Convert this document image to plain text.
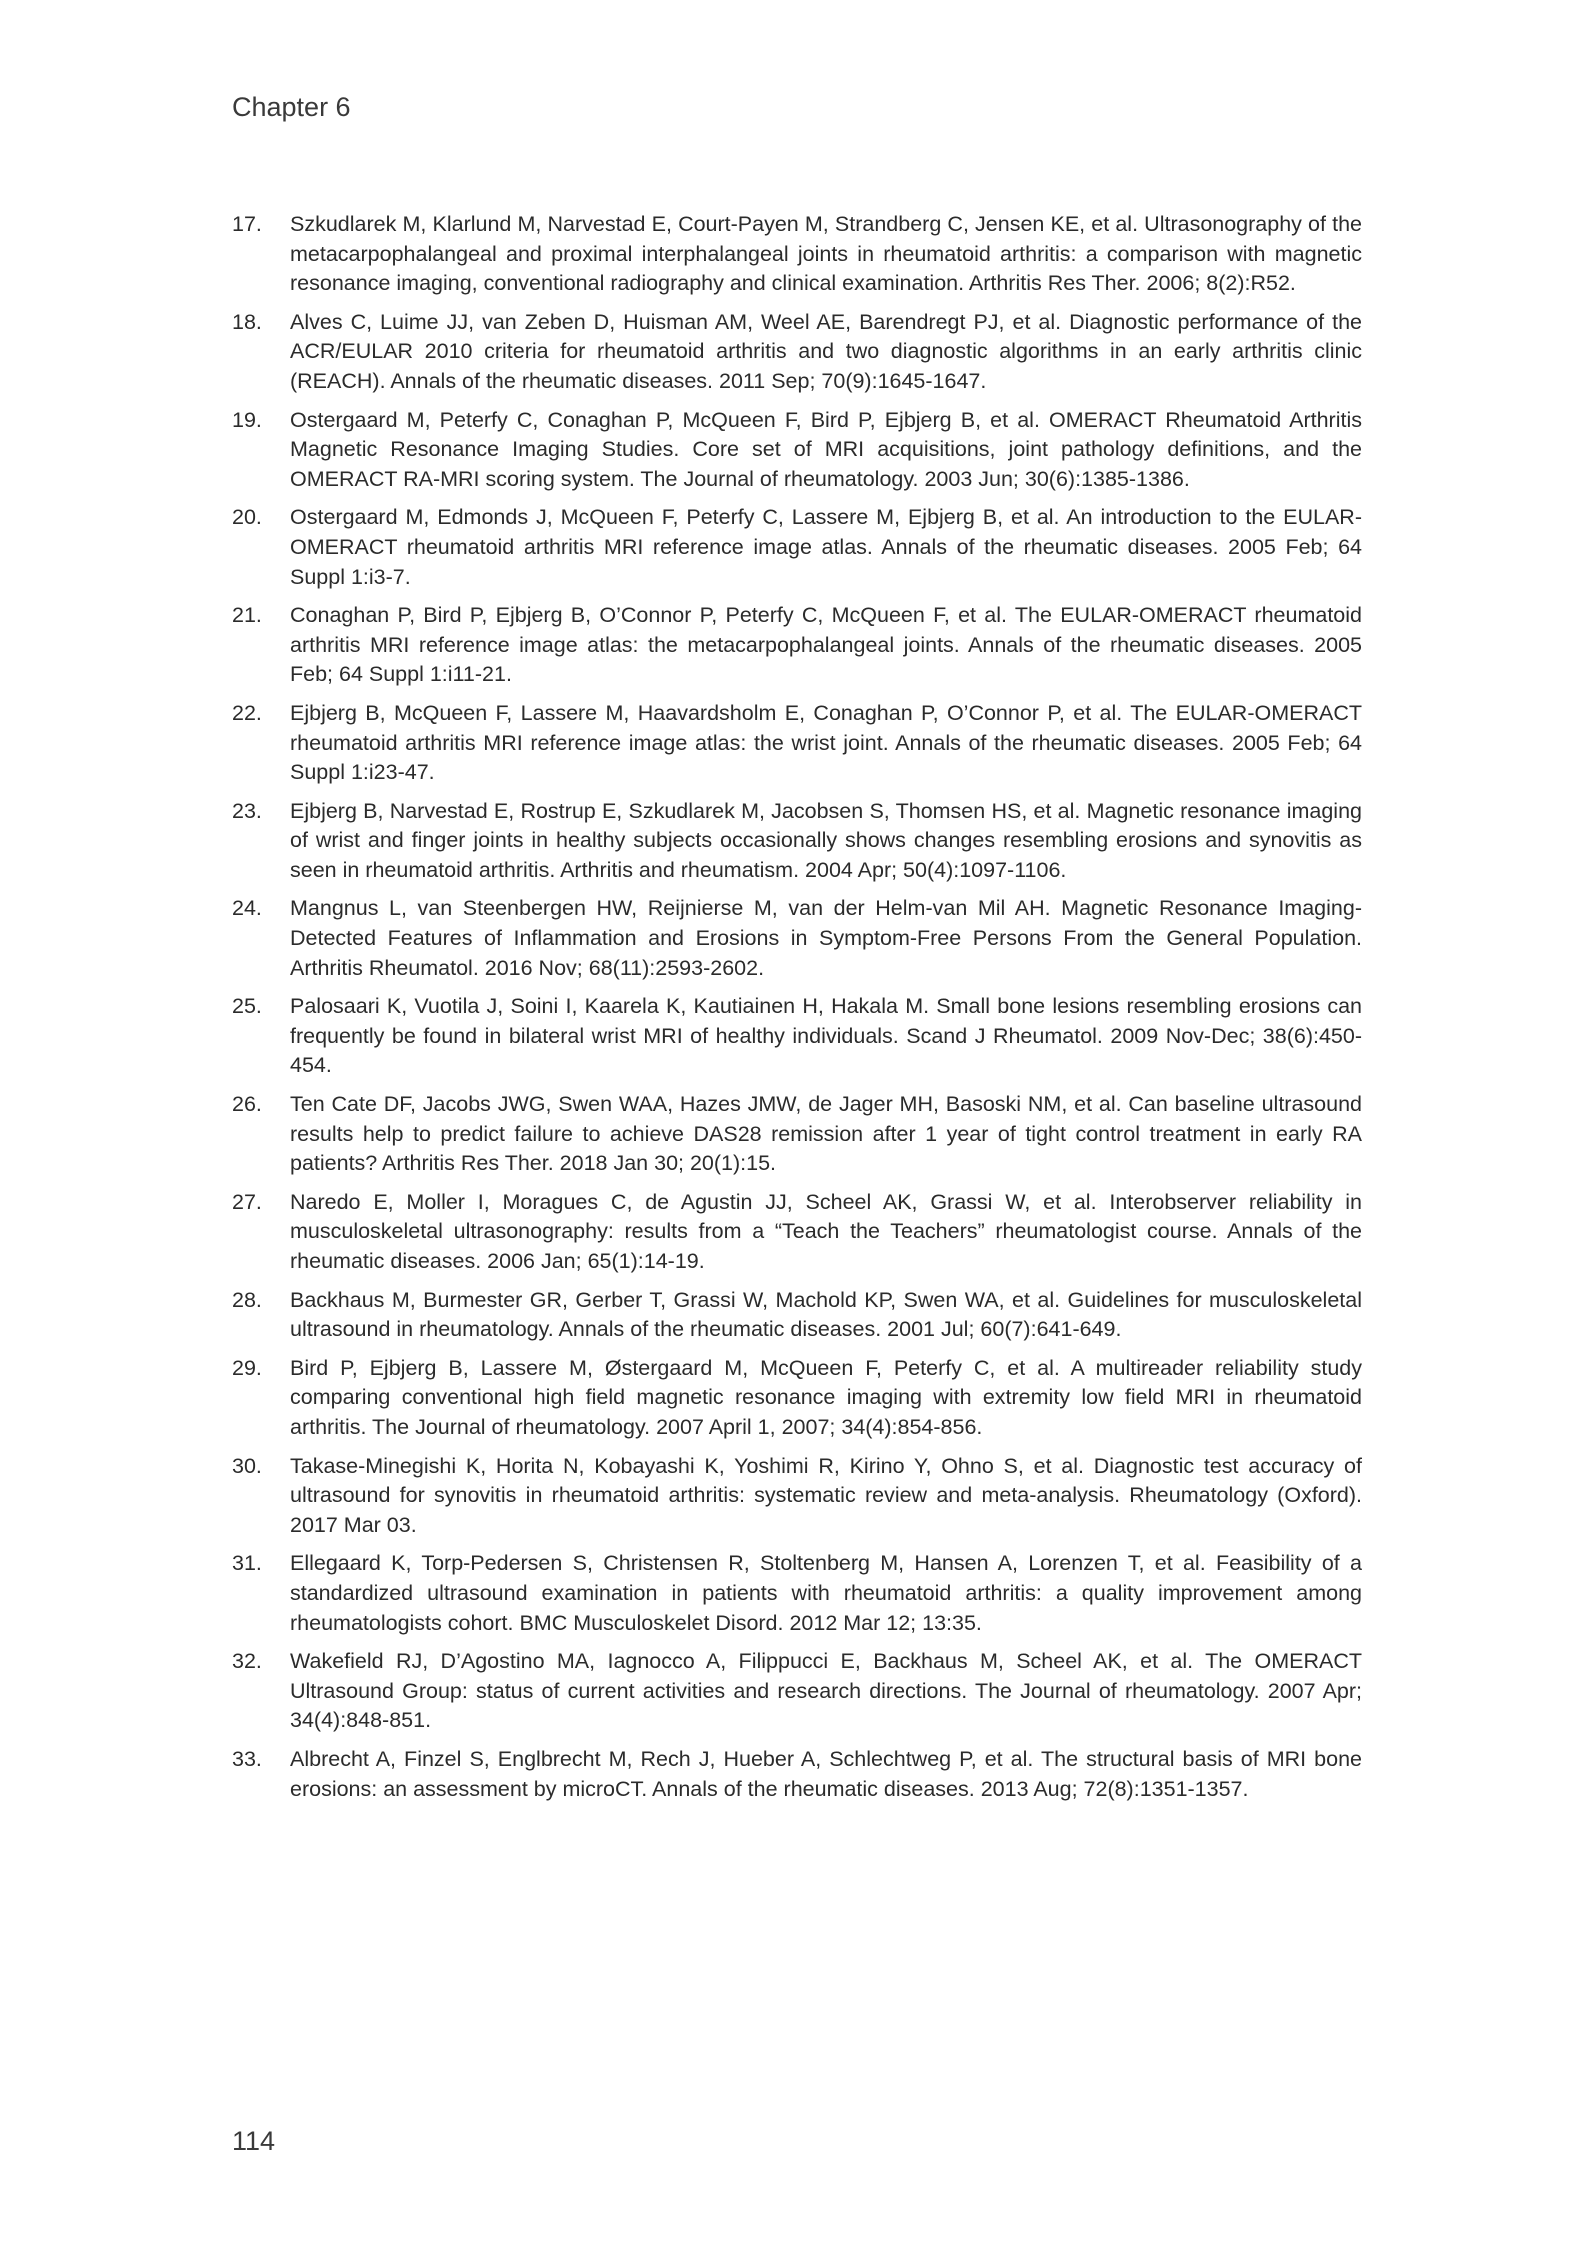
Chapter 6
17.	Szkudlarek M, Klarlund M, Narvestad E, Court-Payen M, Strandberg C, Jensen KE, et al. Ultrasonography of the metacarpophalangeal and proximal interphalangeal joints in rheumatoid arthritis: a comparison with magnetic resonance imaging, conventional radiography and clinical examination. Arthritis Res Ther. 2006; 8(2):R52.
18.	Alves C, Luime JJ, van Zeben D, Huisman AM, Weel AE, Barendregt PJ, et al. Diagnostic performance of the ACR/EULAR 2010 criteria for rheumatoid arthritis and two diagnostic algorithms in an early arthritis clinic (REACH). Annals of the rheumatic diseases. 2011 Sep; 70(9):1645-1647.
19.	Ostergaard M, Peterfy C, Conaghan P, McQueen F, Bird P, Ejbjerg B, et al. OMERACT Rheumatoid Arthritis Magnetic Resonance Imaging Studies. Core set of MRI acquisitions, joint pathology definitions, and the OMERACT RA-MRI scoring system. The Journal of rheumatology. 2003 Jun; 30(6):1385-1386.
20.	Ostergaard M, Edmonds J, McQueen F, Peterfy C, Lassere M, Ejbjerg B, et al. An introduction to the EULAR-OMERACT rheumatoid arthritis MRI reference image atlas. Annals of the rheumatic diseases. 2005 Feb; 64 Suppl 1:i3-7.
21.	Conaghan P, Bird P, Ejbjerg B, O’Connor P, Peterfy C, McQueen F, et al. The EULAR-OMERACT rheumatoid arthritis MRI reference image atlas: the metacarpophalangeal joints. Annals of the rheumatic diseases. 2005 Feb; 64 Suppl 1:i11-21.
22.	Ejbjerg B, McQueen F, Lassere M, Haavardsholm E, Conaghan P, O’Connor P, et al. The EULAR-OMERACT rheumatoid arthritis MRI reference image atlas: the wrist joint. Annals of the rheumatic diseases. 2005 Feb; 64 Suppl 1:i23-47.
23.	Ejbjerg B, Narvestad E, Rostrup E, Szkudlarek M, Jacobsen S, Thomsen HS, et al. Magnetic resonance imaging of wrist and finger joints in healthy subjects occasionally shows changes resembling erosions and synovitis as seen in rheumatoid arthritis. Arthritis and rheumatism. 2004 Apr; 50(4):1097-1106.
24.	Mangnus L, van Steenbergen HW, Reijnierse M, van der Helm-van Mil AH. Magnetic Resonance Imaging-Detected Features of Inflammation and Erosions in Symptom-Free Persons From the General Population. Arthritis Rheumatol. 2016 Nov; 68(11):2593-2602.
25.	Palosaari K, Vuotila J, Soini I, Kaarela K, Kautiainen H, Hakala M. Small bone lesions resembling erosions can frequently be found in bilateral wrist MRI of healthy individuals. Scand J Rheumatol. 2009 Nov-Dec; 38(6):450-454.
26.	Ten Cate DF, Jacobs JWG, Swen WAA, Hazes JMW, de Jager MH, Basoski NM, et al. Can baseline ultrasound results help to predict failure to achieve DAS28 remission after 1 year of tight control treatment in early RA patients? Arthritis Res Ther. 2018 Jan 30; 20(1):15.
27.	Naredo E, Moller I, Moragues C, de Agustin JJ, Scheel AK, Grassi W, et al. Interobserver reliability in musculoskeletal ultrasonography: results from a “Teach the Teachers” rheumatologist course. Annals of the rheumatic diseases. 2006 Jan; 65(1):14-19.
28.	Backhaus M, Burmester GR, Gerber T, Grassi W, Machold KP, Swen WA, et al. Guidelines for musculoskeletal ultrasound in rheumatology. Annals of the rheumatic diseases. 2001 Jul; 60(7):641-649.
29.	Bird P, Ejbjerg B, Lassere M, Østergaard M, McQueen F, Peterfy C, et al. A multireader reliability study comparing conventional high field magnetic resonance imaging with extremity low field MRI in rheumatoid arthritis. The Journal of rheumatology. 2007 April 1, 2007; 34(4):854-856.
30.	Takase-Minegishi K, Horita N, Kobayashi K, Yoshimi R, Kirino Y, Ohno S, et al. Diagnostic test accuracy of ultrasound for synovitis in rheumatoid arthritis: systematic review and meta-analysis. Rheumatology (Oxford). 2017 Mar 03.
31.	Ellegaard K, Torp-Pedersen S, Christensen R, Stoltenberg M, Hansen A, Lorenzen T, et al. Feasibility of a standardized ultrasound examination in patients with rheumatoid arthritis: a quality improvement among rheumatologists cohort. BMC Musculoskelet Disord. 2012 Mar 12; 13:35.
32.	Wakefield RJ, D’Agostino MA, Iagnocco A, Filippucci E, Backhaus M, Scheel AK, et al. The OMERACT Ultrasound Group: status of current activities and research directions. The Journal of rheumatology. 2007 Apr; 34(4):848-851.
33.	Albrecht A, Finzel S, Englbrecht M, Rech J, Hueber A, Schlechtweg P, et al. The structural basis of MRI bone erosions: an assessment by microCT. Annals of the rheumatic diseases. 2013 Aug; 72(8):1351-1357.
114
